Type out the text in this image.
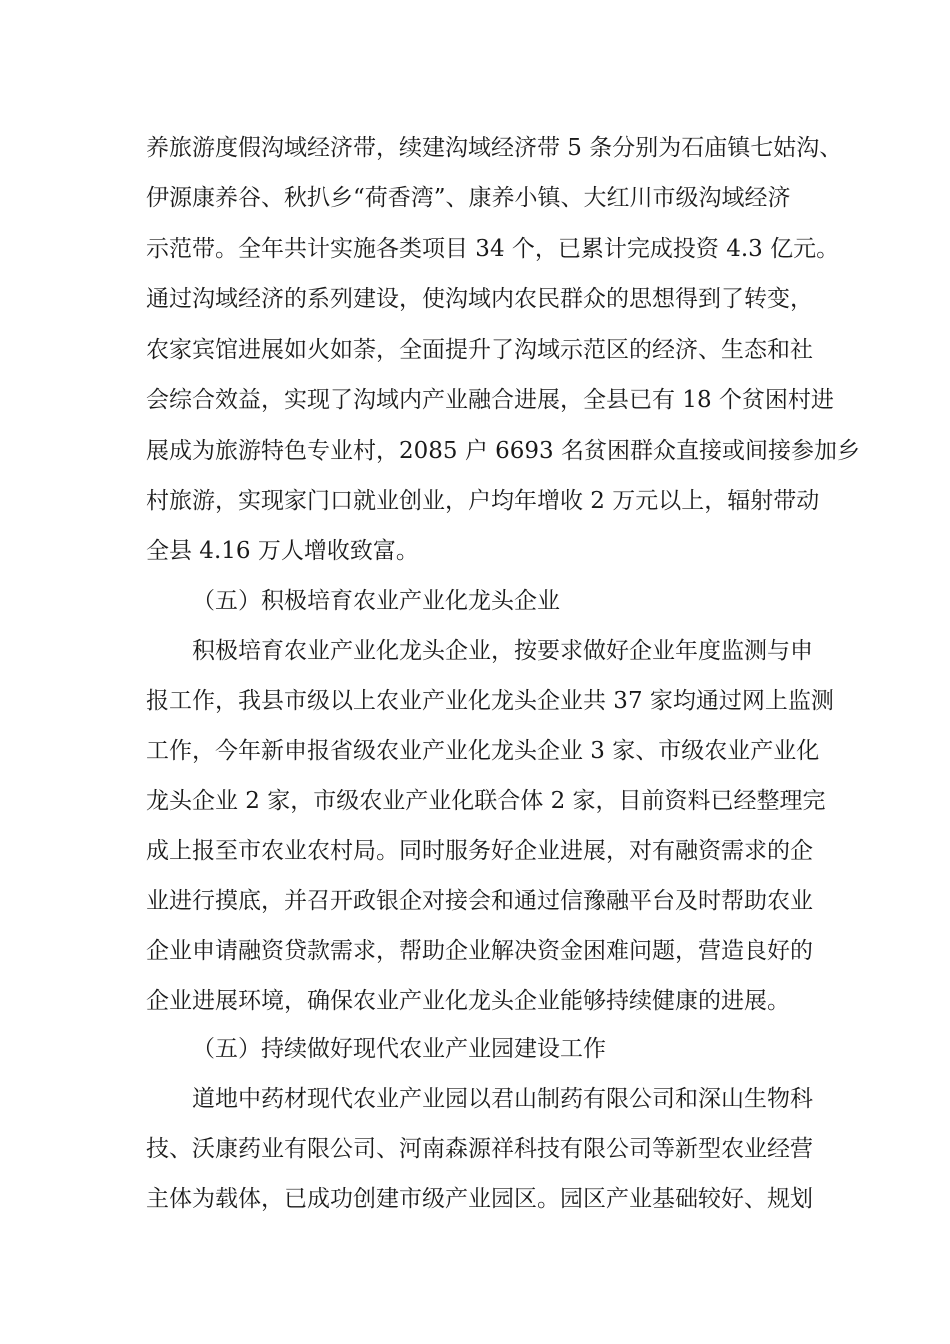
养旅游度假沟域经济带，续建沟域经济带 5 条分别为石庙镇七姑沟、
伊源康养谷、秋扒乡“荷香湾”、康养小镇、大红川市级沟域经济
示范带。全年共计实施各类项目 34 个，已累计完成投资 4.3 亿元。
通过沟域经济的系列建设，使沟域内农民群众的思想得到了转变，
农家宾馆进展如火如荼，全面提升了沟域示范区的经济、生态和社
会综合效益，实现了沟域内产业融合进展，全县已有 18 个贫困村进
展成为旅游特色专业村，2085 户 6693 名贫困群众直接或间接参加乡
村旅游，实现家门口就业创业，户均年增收 2 万元以上，辐射带动
全县 4.16 万人增收致富。
（五）积极培育农业产业化龙头企业
积极培育农业产业化龙头企业，按要求做好企业年度监测与申
报工作，我县市级以上农业产业化龙头企业共 37 家均通过网上监测
工作，今年新申报省级农业产业化龙头企业 3 家、市级农业产业化
龙头企业 2 家，市级农业产业化联合体 2 家，目前资料已经整理完
成上报至市农业农村局。同时服务好企业进展，对有融资需求的企
业进行摸底，并召开政银企对接会和通过信豫融平台及时帮助农业
企业申请融资贷款需求，帮助企业解决资金困难问题，营造良好的
企业进展环境，确保农业产业化龙头企业能够持续健康的进展。
（五）持续做好现代农业产业园建设工作
道地中药材现代农业产业园以君山制药有限公司和深山生物科
技、沃康药业有限公司、河南森源祥科技有限公司等新型农业经营
主体为载体，已成功创建市级产业园区。园区产业基础较好、规划
